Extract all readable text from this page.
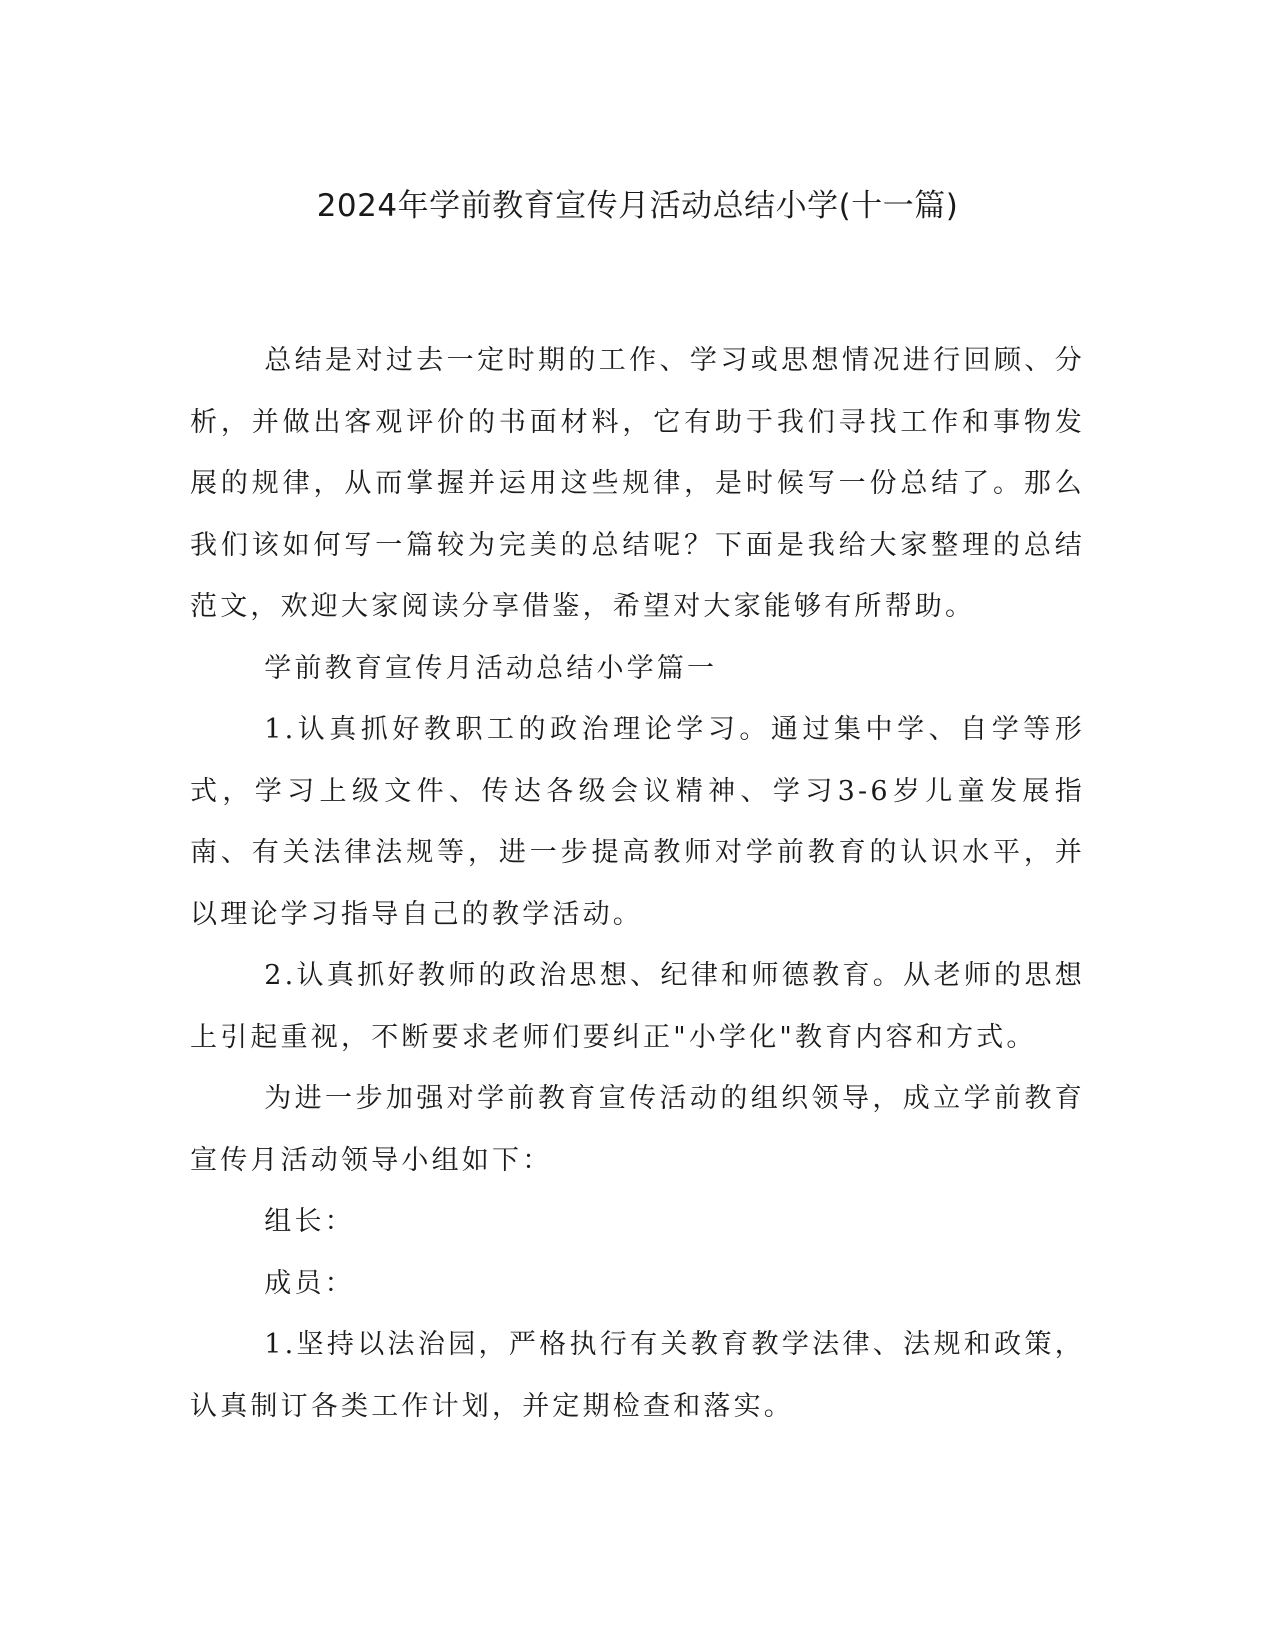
2024年学前教育宣传月活动总结小学(十一篇)

总结是对过去一定时期的工作、学习或思想情况进行回顾、分析，并做出客观评价的书面材料，它有助于我们寻找工作和事物发展的规律，从而掌握并运用这些规律，是时候写一份总结了。那么我们该如何写一篇较为完美的总结呢？下面是我给大家整理的总结范文，欢迎大家阅读分享借鉴，希望对大家能够有所帮助。

学前教育宣传月活动总结小学篇一

1.认真抓好教职工的政治理论学习。通过集中学、自学等形式，学习上级文件、传达各级会议精神、学习3-6岁儿童发展指南、有关法律法规等，进一步提高教师对学前教育的认识水平，并以理论学习指导自己的教学活动。

2.认真抓好教师的政治思想、纪律和师德教育。从老师的思想上引起重视，不断要求老师们要纠正"小学化"教育内容和方式。

为进一步加强对学前教育宣传活动的组织领导，成立学前教育宣传月活动领导小组如下：

组长：

成员：

1.坚持以法治园，严格执行有关教育教学法律、法规和政策，认真制订各类工作计划，并定期检查和落实。
